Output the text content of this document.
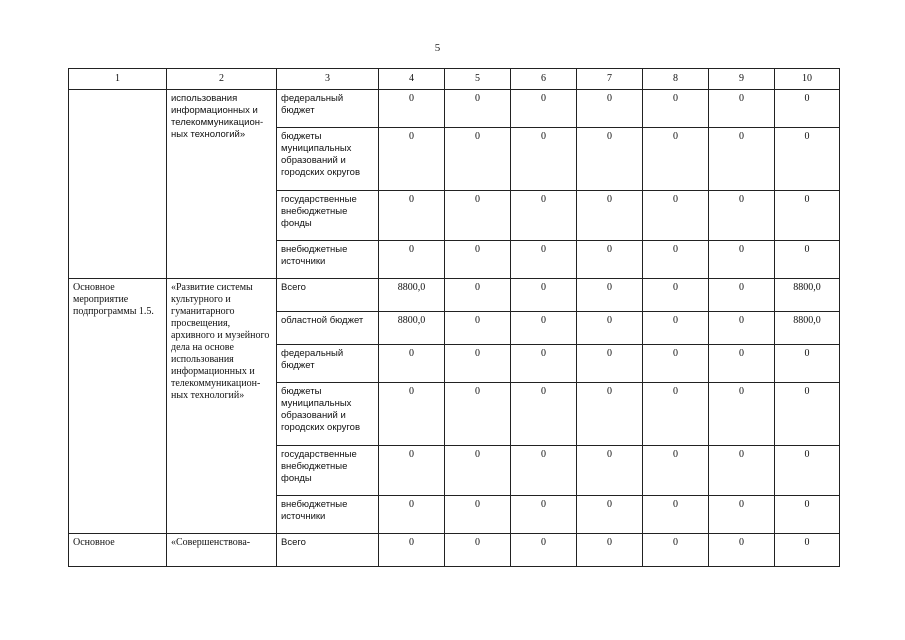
5
1	2	3	4	5	6	7	8	9	10
	использования информационных и телекоммуникацион-ных технологий»	федеральный бюджет	0	0	0	0	0	0	0
		бюджеты муниципальных образований и городских округов	0	0	0	0	0	0	0
		государственные внебюджетные фонды	0	0	0	0	0	0	0
		внебюджетные источники	0	0	0	0	0	0	0
Основное мероприятие подпрограммы 1.5.	«Развитие системы культурного и гуманитарного просвещения, архивного и музейного дела на основе использования информационных и телекоммуникацион-ных технологий»	Всего	8800,0	0	0	0	0	0	8800,0
		областной бюджет	8800,0	0	0	0	0	0	8800,0
		федеральный бюджет	0	0	0	0	0	0	0
		бюджеты муниципальных образований и городских округов	0	0	0	0	0	0	0
		государственные внебюджетные фонды	0	0	0	0	0	0	0
		внебюджетные источники	0	0	0	0	0	0	0
Основное	«Совершенствова-	Всего	0	0	0	0	0	0	0
